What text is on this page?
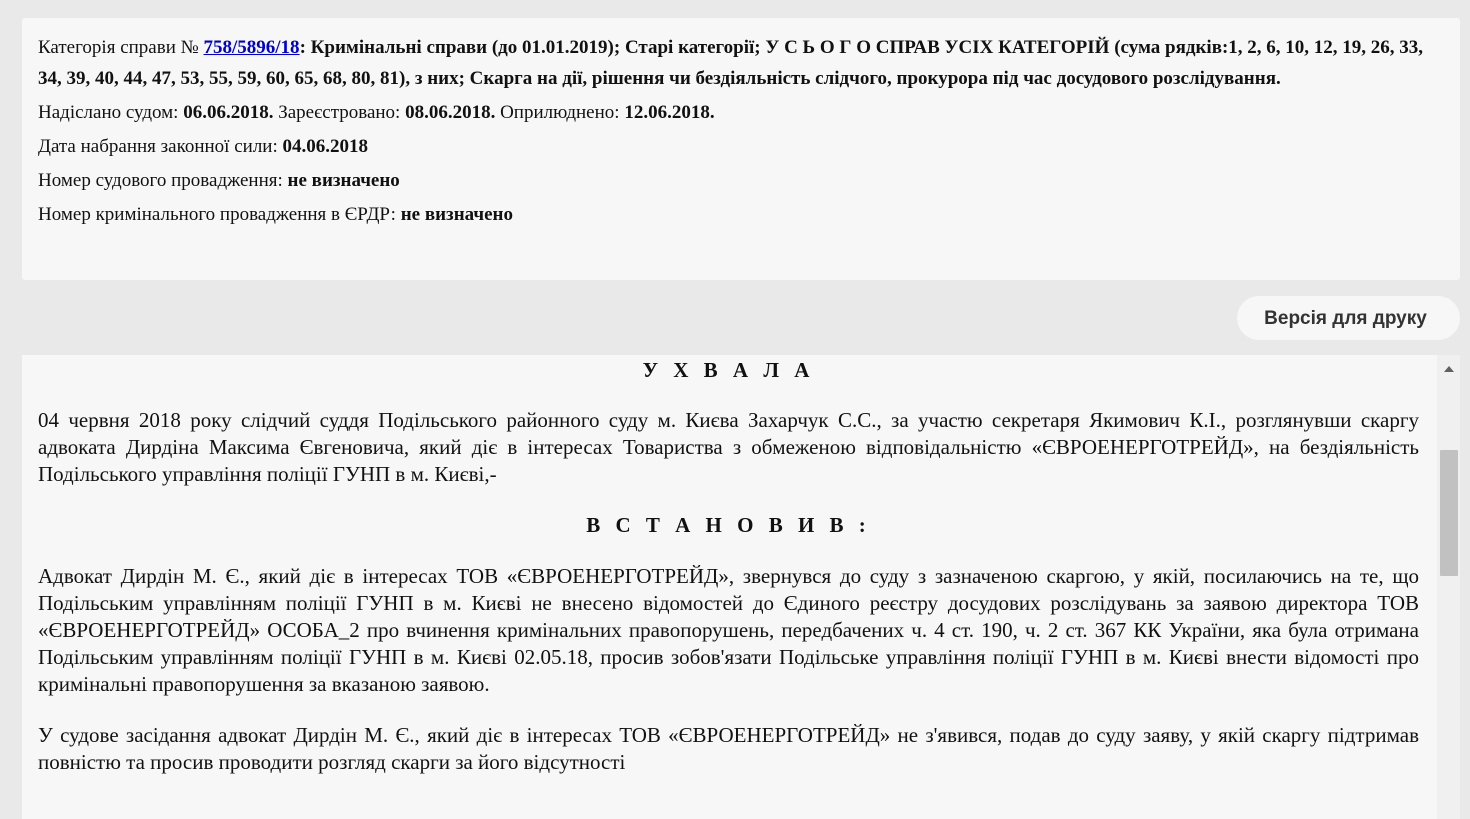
Категорія справи № 758/5896/18: Кримінальні справи (до 01.01.2019); Старі категорії; У С Ь О Г О СПРАВ УСІХ КАТЕГОРІЙ (сума рядків:1, 2, 6, 10, 12, 19, 26, 33, 34, 39, 40, 44, 47, 53, 55, 59, 60, 65, 68, 80, 81), з них; Скарга на дії, рішення чи бездіяльність слідчого, прокурора під час досудового розслідування.

Надіслано судом: 06.06.2018. Зареєстровано: 08.06.2018. Оприлюднено: 12.06.2018.

Дата набрання законної сили: 04.06.2018

Номер судового провадження: не визначено

Номер кримінального провадження в ЄРДР: не визначено

Версія для друку

У Х В А Л А

04 червня 2018 року слідчий суддя Подільського районного суду м. Києва Захарчук С.С., за участю секретаря Якимович К.І., розглянувши скаргу адвоката Дирдіна Максима Євгеновича, який діє в інтересах Товариства з обмеженою відповідальністю «ЄВРОЕНЕРГОТРЕЙД», на бездіяльність Подільського управління поліції ГУНП в м. Києві,-

В С Т А Н О В И В :

Адвокат Дирдін М. Є., який діє в інтересах ТОВ «ЄВРОЕНЕРГОТРЕЙД», звернувся до суду з зазначеною скаргою, у якій, посилаючись на те, що Подільським управлінням поліції ГУНП в м. Києві не внесено відомостей до Єдиного реєстру досудових розслідувань за заявою директора ТОВ «ЄВРОЕНЕРГОТРЕЙД» ОСОБА_2 про вчинення кримінальних правопорушень, передбачених ч. 4 ст. 190, ч. 2 ст. 367 КК України, яка була отримана Подільським управлінням поліції ГУНП в м. Києві 02.05.18, просив зобов'язати Подільське управління поліції ГУНП в м. Києві внести відомості про кримінальні правопорушення за вказаною заявою.

У судове засідання адвокат Дирдін М. Є., який діє в інтересах ТОВ «ЄВРОЕНЕРГОТРЕЙД» не з'явився, подав до суду заяву, у якій скаргу підтримав повністю та просив проводити розгляд скарги за його відсутності
